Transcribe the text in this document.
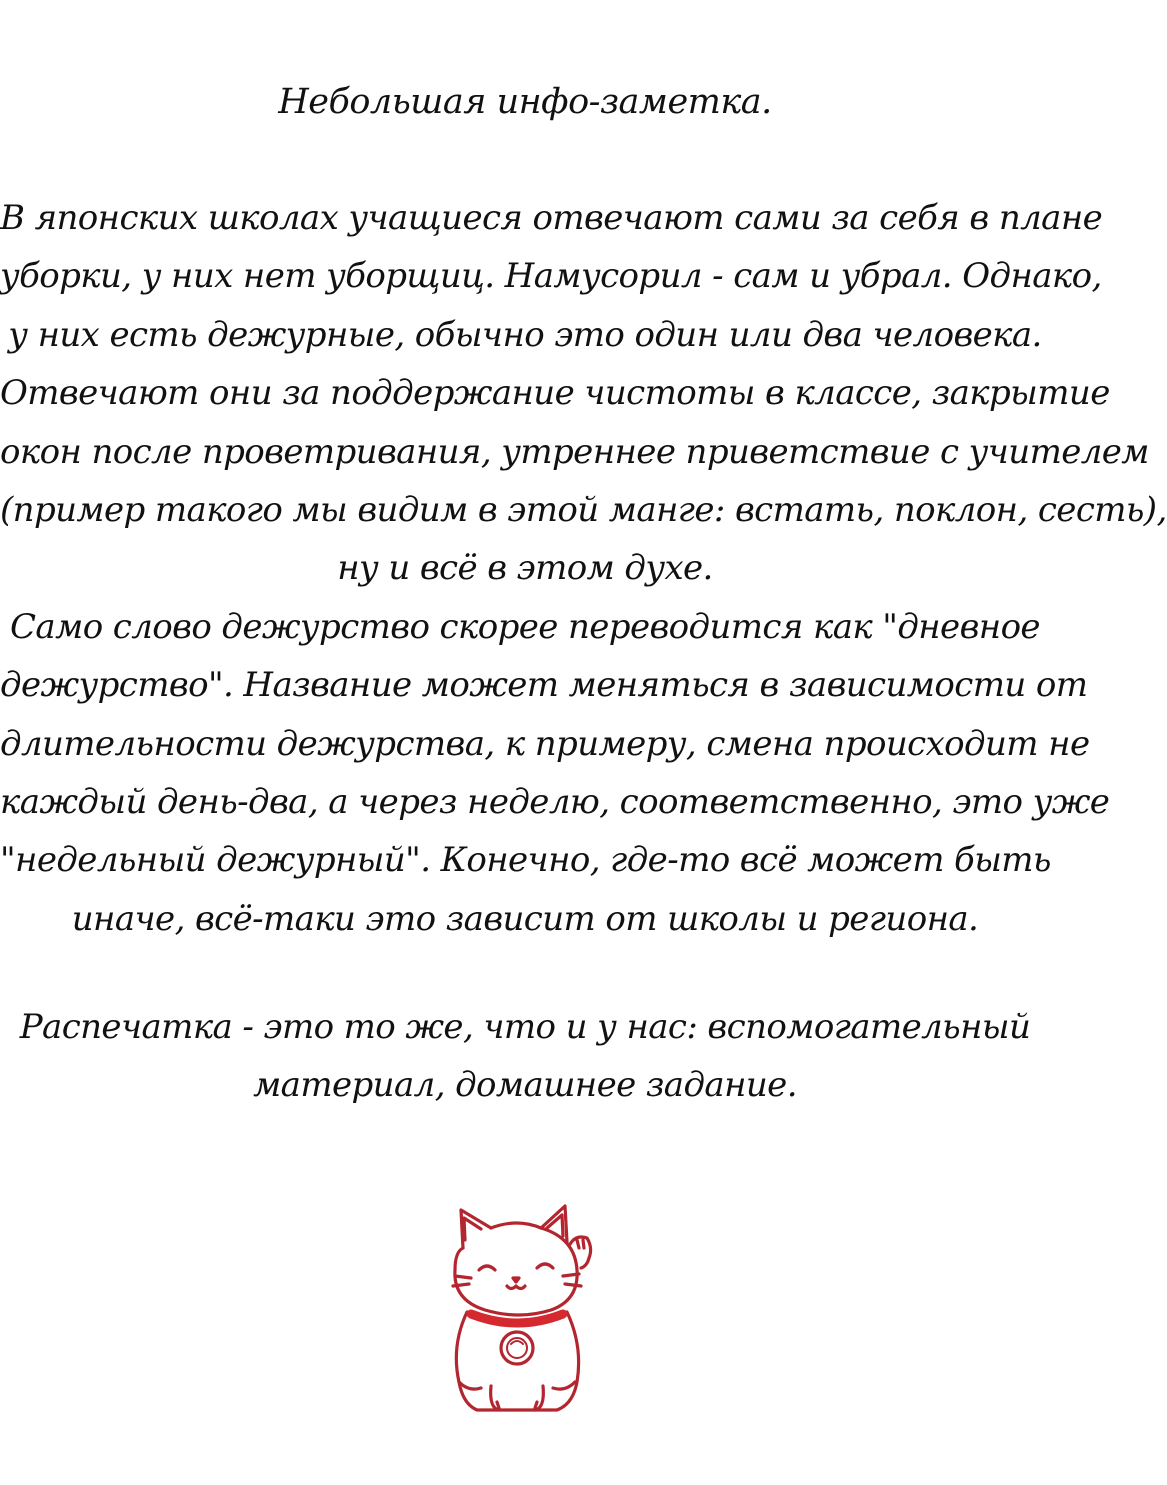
Небольшая инфо-заметка.
В японских школах учащиеся отвечают сами за себя в плане
уборки, у них нет уборщиц. Намусорил - сам и убрал. Однако,
у них есть дежурные, обычно это один или два человека.
Отвечают они за поддержание чистоты в классе, закрытие
окон после проветривания, утреннее приветствие с учителем
(пример такого мы видим в этой манге: встать, поклон, сесть),
ну и всё в этом духе.
Само слово дежурство скорее переводится как "дневное
дежурство". Название может меняться в зависимости от
длительности дежурства, к примеру, смена происходит не
каждый день-два, а через неделю, соответственно, это уже
"недельный дежурный". Конечно, где-то всё может быть
иначе, всё-таки это зависит от школы и региона.
Распечатка - это то же, что и у нас: вспомогательный
материал, домашнее задание.
